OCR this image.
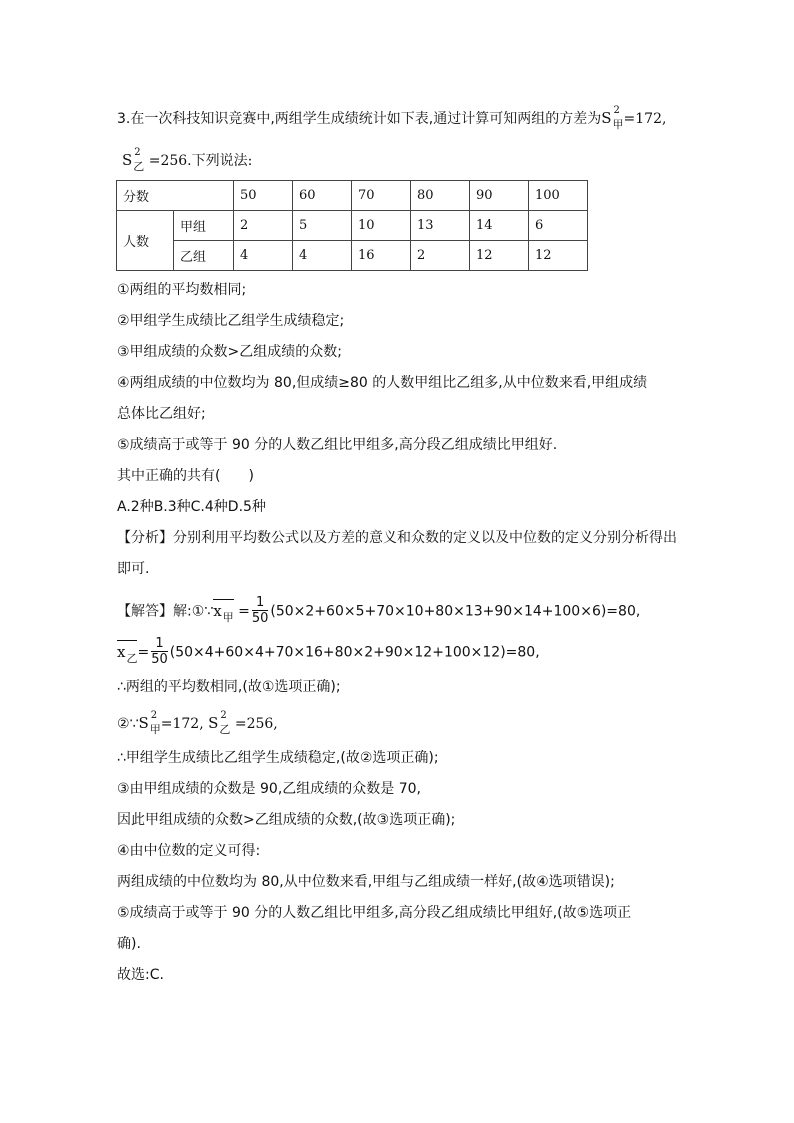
3.在一次科技知识竞赛中,两组学生成绩统计如下表,通过计算可知两组的方差为S 2甲=172,
S 2乙 =256.下列说法:
分数		50	60	70	80	90	100
人数	甲组	2	5	10	13	14	6
	乙组	4	4	16	2	12	12
①两组的平均数相同;
②甲组学生成绩比乙组学生成绩稳定;
③甲组成绩的众数>乙组成绩的众数;
④两组成绩的中位数均为 80,但成绩≥80 的人数甲组比乙组多,从中位数来看,甲组成绩
总体比乙组好;
⑤成绩高于或等于 90 分的人数乙组比甲组多,高分段乙组成绩比甲组好.
其中正确的共有(　　)
A.2种B.3种C.4种D.5种
【分析】分别利用平均数公式以及方差的意义和众数的定义以及中位数的定义分别分析得出
即可.
【解答】解:①∵x甲 = $\frac{1}{50} (50\times 2+60\times 5+70\times 10+80\times 13+90\times 14+100\times 6)=80$,
x乙= $\frac{1}{50} (50\times 4+60\times 4+70\times 16+80\times 2+90\times 12+100\times 12)=80$,
∴两组的平均数相同,(故①选项正确);
②∵S 2甲=172, S 2乙 =256,
∴甲组学生成绩比乙组学生成绩稳定,(故②选项正确);
③由甲组成绩的众数是 90,乙组成绩的众数是 70,
因此甲组成绩的众数>乙组成绩的众数,(故③选项正确);
④由中位数的定义可得:
两组成绩的中位数均为 80,从中位数来看,甲组与乙组成绩一样好,(故④选项错误);
⑤成绩高于或等于 90 分的人数乙组比甲组多,高分段乙组成绩比甲组好,(故⑤选项正
确).
故选:C.
